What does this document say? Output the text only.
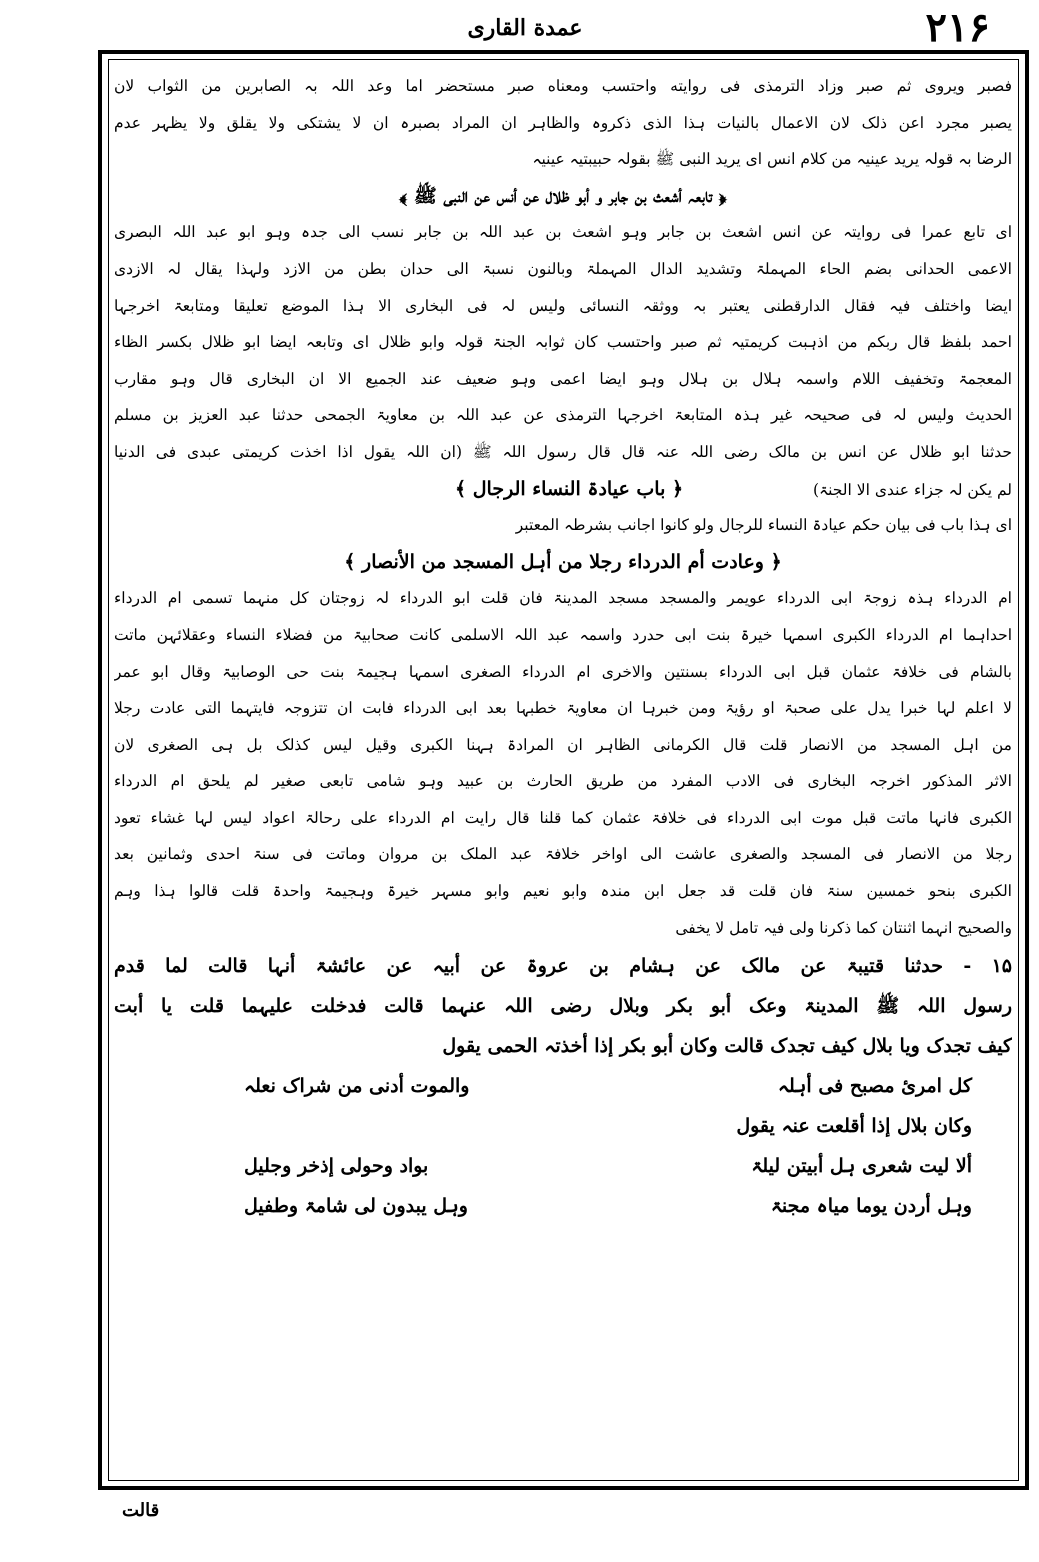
۲۱۶
عمدة القاری
فصبر ویروی ثم صبر وزاد الترمذی فی روایته واحتسب ومعناه صبر مستحضر اما وعد اللہ بہ الصابرین من الثواب لان
یصبر مجرد اعن ذلک لان الاعمال بالنیات ہذا الذی ذکروہ والظاہر ان المراد بصبرہ ان لا یشتکی ولا یقلق ولا یظہر عدم
الرضا بہ قولہ یرید عینیہ من کلام انس ای یرید النبی ﷺ بقولہ حبیبتیہ عینیہ
﴿ تابعہ أشعث بن جابر و أبو ظلال عن أنس عن النبی ﷺ ﴾
ای تابع عمرا فی روایتہ عن انس اشعث بن جابر وہو اشعث بن عبد اللہ بن جابر نسب الی جدہ وہو ابو عبد اللہ البصری
الاعمی الحدانی بضم الحاء المہملۃ وتشدید الدال المہملۃ وبالنون نسبۃ الی حدان بطن من الازد ولہذا یقال لہ الازدی
ایضا واختلف فیہ فقال الدارقطنی یعتبر بہ ووثقہ النسائی ولیس لہ فی البخاری الا ہذا الموضع تعلیقا ومتابعۃ اخرجہا
احمد بلفظ قال ربکم من اذہبت کریمتیہ ثم صبر واحتسب کان ثوابہ الجنۃ قولہ وابو ظلال ای وتابعہ ایضا ابو ظلال بکسر الظاء
المعجمۃ وتخفیف اللام واسمہ ہلال بن ہلال وہو ایضا اعمی وہو ضعیف عند الجمیع الا ان البخاری قال وہو مقارب
الحدیث ولیس لہ فی صحیحہ غیر ہذہ المتابعۃ اخرجہا الترمذی عن عبد اللہ بن معاویۃ الجمحی حدثنا عبد العزیز بن مسلم
حدثنا ابو ظلال عن انس بن مالک رضی اللہ عنہ قال قال رسول اللہ ﷺ (ان اللہ یقول اذا اخذت کریمتی عبدی فی الدنیا
لم یکن لہ جزاء عندی الا الجنۃ)  ﴿ باب عیادۃ النساء الرجال ﴾
ای ہذا باب فی بیان حکم عیادۃ النساء للرجال ولو کانوا اجانب بشرطہ المعتبر
﴿ وعادت أم الدرداء رجلا من أہل المسجد من الأنصار ﴾
ام الدرداء ہذہ زوجۃ ابی الدرداء عویمر والمسجد مسجد المدینۃ فان قلت ابو الدرداء لہ زوجتان کل منہما تسمی ام الدرداء
احداہما ام الدرداء الکبری اسمہا خیرۃ بنت ابی حدرد واسمہ عبد اللہ الاسلمی کانت صحابیۃ من فضلاء النساء وعقلائہن ماتت
بالشام فی خلافۃ عثمان قبل ابی الدرداء بسنتین والاخری ام الدرداء الصغری اسمہا ہجیمۃ بنت حی الوصابیۃ وقال ابو عمر
لا اعلم لہا خبرا یدل علی صحبۃ او رؤیۃ ومن خبرہا ان معاویۃ خطبہا بعد ابی الدرداء فابت ان تتزوجہ فایتہما التی عادت رجلا
من اہل المسجد من الانصار قلت قال الکرمانی الظاہر ان المرادۃ ہہنا الکبری وقیل لیس کذلک بل ہی الصغری لان
الاثر المذکور اخرجہ البخاری فی الادب المفرد من طریق الحارث بن عبید وہو شامی تابعی صغیر لم یلحق ام الدرداء
الکبری فانہا ماتت قبل موت ابی الدرداء فی خلافۃ عثمان کما قلنا قال رایت ام الدرداء علی رحالۃ اعواد لیس لہا غشاء تعود
رجلا من الانصار فی المسجد والصغری عاشت الی اواخر خلافۃ عبد الملک بن مروان وماتت فی سنۃ احدی وثمانین بعد
الکبری بنحو خمسین سنۃ فان قلت قد جعل ابن مندہ وابو نعیم وابو مسہر خیرۃ وہجیمۃ واحدۃ قلت قالوا ہذا وہم
والصحیح انہما اثنتان کما ذکرنا ولی فیہ تامل لا یخفی
۱۵ - حدثنا قتیبۃ عن مالک عن ہشام بن عروۃ عن أبیہ عن عائشۃ أنہا قالت لما قدم
رسول اللہ ﷺ المدینۃ وعک أبو بکر وبلال رضی اللہ عنہما قالت فدخلت علیہما قلت یا أبت
کیف تجدک ویا بلال کیف تجدک قالت وکان أبو بکر إذا أخذتہ الحمی یقول
کل امرئ مصبح فی أہلہ
والموت أدنی من شراک نعلہ
وکان بلال إذا أقلعت عنہ یقول
ألا لیت شعری ہل أبیتن لیلۃ
بواد وحولی إذخر وجلیل
وہل أردن یوما میاہ مجنۃ
وہل یبدون لی شامۃ وطفیل
قالت
